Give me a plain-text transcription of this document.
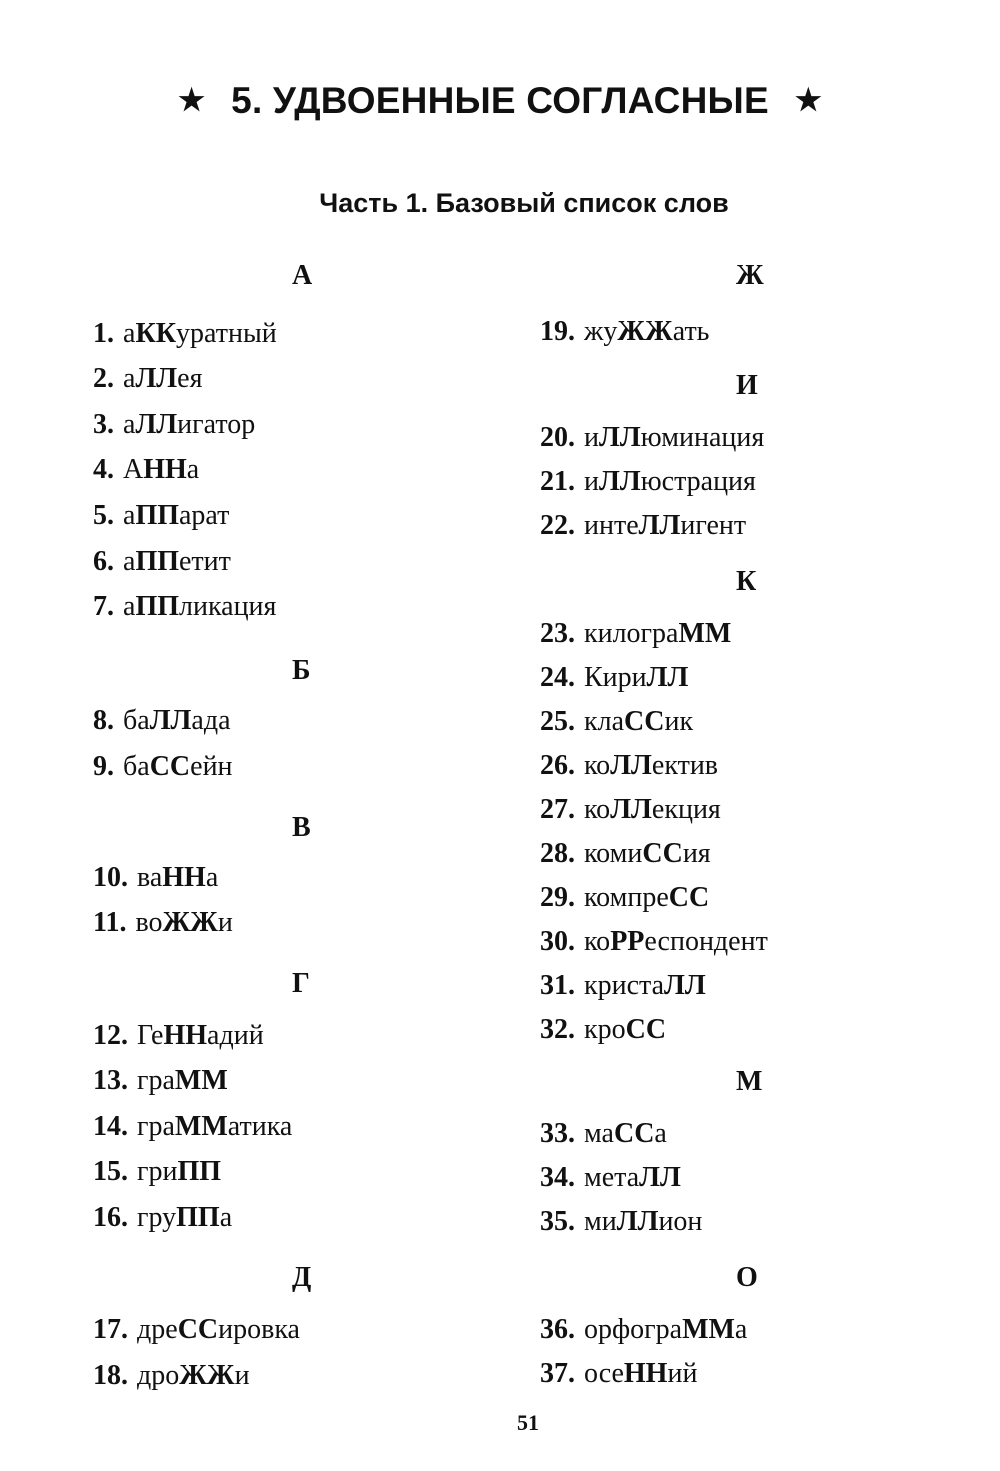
★ 5. УДВОЕННЫЕ СОГЛАСНЫЕ ★
Часть 1. Базовый список слов
А
1. аККуратный
2. аЛЛея
3. аЛЛигатор
4. АННа
5. аППарат
6. аППетит
7. аППликация
Б
8. баЛЛада
9. баССейн
В
10. ваННа
11. воЖЖи
Г
12. ГеННадий
13. граММ
14. граММатика
15. гриПП
16. груППа
Д
17. дреССировка
18. дроЖЖи
Ж
19. жуЖЖать
И
20. иЛЛюминация
21. иЛЛюстрация
22. интеЛЛигент
К
23. килограММ
24. КириЛЛ
25. клаССик
26. коЛЛектив
27. коЛЛекция
28. комиССия
29. компреСС
30. коРРеспондент
31. кристаЛЛ
32. кроСС
М
33. маССа
34. метаЛЛ
35. миЛЛион
О
36. орфограММа
37. осеННий
51
